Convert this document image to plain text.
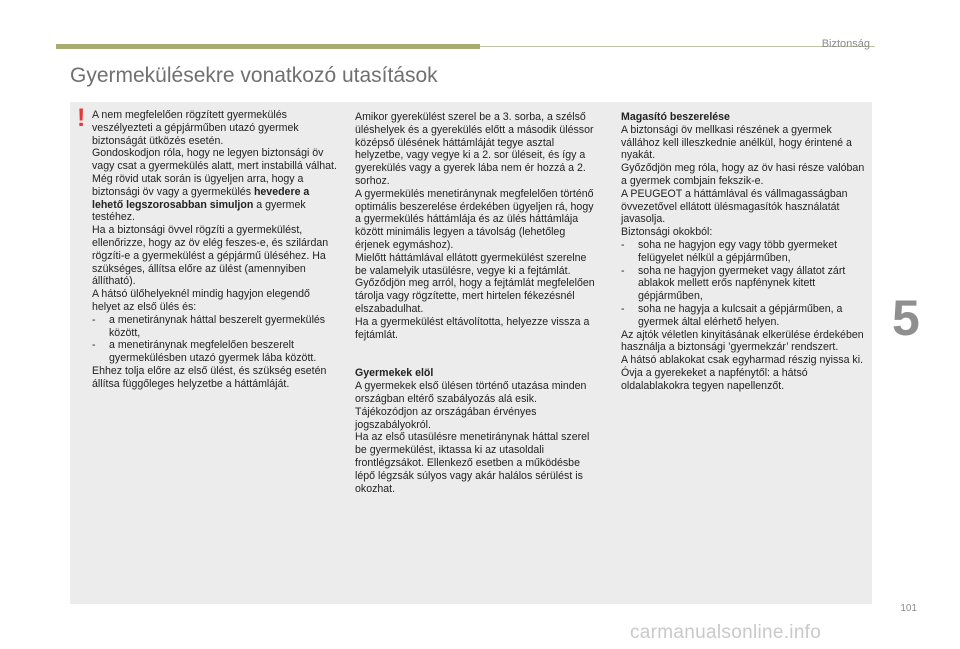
Biztonság
Gyermekülésekre vonatkozó utasítások
! A nem megfelelően rögzített gyermekülés veszélyezteti a gépjárműben utazó gyermek biztonságát ütközés esetén.

Gondoskodjon róla, hogy ne legyen biztonsági öv vagy csat a gyermekülés alatt, mert instabillá válhat.

Még rövid utak során is ügyeljen arra, hogy a biztonsági öv vagy a gyermekülés hevedere a lehető legszorosabban simuljon a gyermek testéhez.

Ha a biztonsági övvel rögzíti a gyermekülést, ellenőrizze, hogy az öv elég feszes-e, és szilárdan rögzíti-e a gyermekülést a gépjármű üléséhez. Ha szükséges, állítsa előre az ülést (amennyiben állítható).

A hátsó ülőhelyeknél mindig hagyjon elegendő helyet az első ülés és:

-	a menetiránynak háttal beszerelt gyermekülés között,
-	a menetiránynak megfelelően beszerelt gyermekülésben utazó gyermek lába között.

Ehhez tolja előre az első ülést, és szükség esetén állítsa függőleges helyzetbe a háttámláját.

Amikor gyerekülést szerel be a 3. sorba, a szélső üléshelyek és a gyerekülés előtt a második üléssor középső ülésének háttámláját tegye asztal helyzetbe, vagy vegye ki a 2. sor üléseit, és így a gyerekülés vagy a gyerek lába nem ér hozzá a 2. sorhoz.

A gyermekülés menetiránynak megfelelően történő optimális beszerelése érdekében ügyeljen rá, hogy a gyermekülés háttámlája és az ülés háttámlája között minimális legyen a távolság (lehetőleg érjenek egymáshoz).

Mielőtt háttámlával ellátott gyermekülést szerelne be valamelyik utasülésre, vegye ki a fejtámlát.

Győződjön meg arról, hogy a fejtámlát megfelelően tárolja vagy rögzítette, mert hirtelen fékezésnél elszabadulhat.

Ha a gyermekülést eltávolította, helyezze vissza a fejtámlát.

Gyermekek elöl

A gyermekek első ülésen történő utazása minden országban eltérő szabályozás alá esik. Tájékozódjon az országában érvényes jogszabályokról.

Ha az első utasülésre menetiránynak háttal szerel be gyermekülést, iktassa ki az utasoldali frontlégzsákot. Ellenkező esetben a működésbe lépő légzsák súlyos vagy akár halálos sérülést is okozhat.

Magasító beszerelése

A biztonsági öv mellkasi részének a gyermek vállához kell illeszkednie anélkül, hogy érintené a nyakát.

Győződjön meg róla, hogy az öv hasi része valóban a gyermek combjain fekszik-e.

A PEUGEOT a háttámlával és vállmagasságban övvezetővel ellátott ülésmagasítók használatát javasolja.

Biztonsági okokból:

-	soha ne hagyjon egy vagy több gyermeket felügyelet nélkül a gépjárműben,
-	soha ne hagyjon gyermeket vagy állatot zárt ablakok mellett erős napfénynek kitett gépjárműben,
-	soha ne hagyja a kulcsait a gépjárműben, a gyermek által elérhető helyen.

Az ajtók véletlen kinyitásának elkerülése érdekében használja a biztonsági ’gyermekzár’ rendszert.

A hátsó ablakokat csak egyharmad részig nyissa ki.

Óvja a gyerekeket a napfénytől: a hátsó oldalablakokra tegyen napellenzőt.

5
101
carmanualsonline.info
